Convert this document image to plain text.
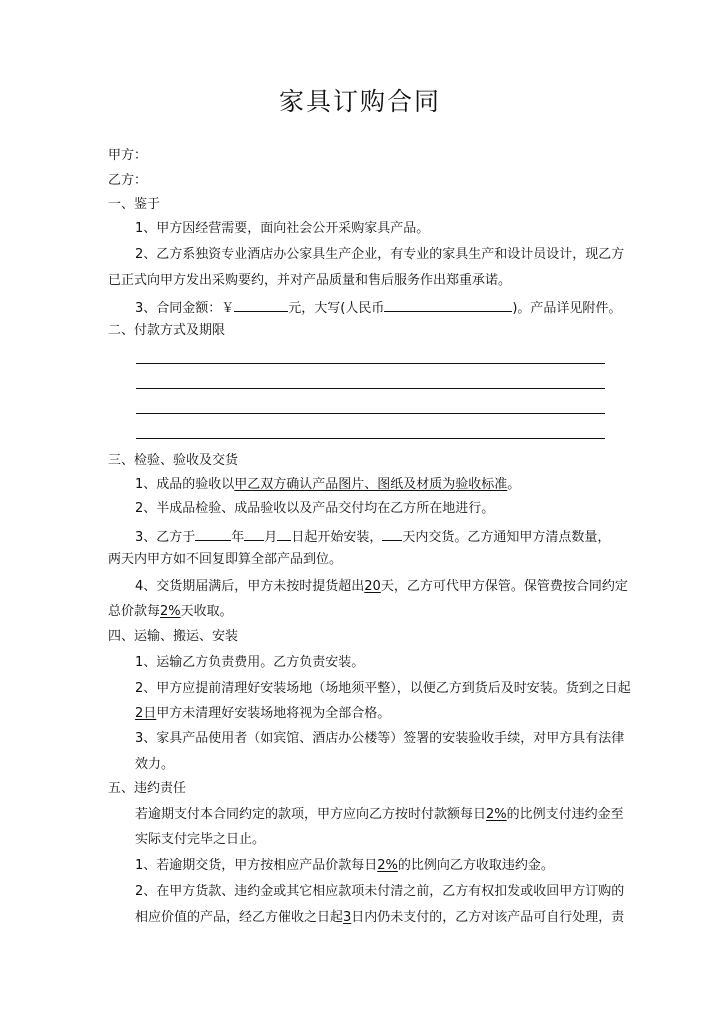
家具订购合同
甲方：
乙方：
一、鉴于
1、甲方因经营需要，面向社会公开采购家具产品。
2、乙方系独资专业酒店办公家具生产企业，有专业的家具生产和设计员设计，现乙方
已正式向甲方发出采购要约，并对产品质量和售后服务作出郑重承诺。
3、合同金额：￥	元，大写(人民币	)。产品详见附件。
二、付款方式及期限
三、检验、验收及交货
1、成品的验收以甲乙双方确认产品图片、图纸及材质为验收标准。
2、半成品检验、成品验收以及产品交付均在乙方所在地进行。
3、乙方于	年 月 日起开始安装， 天内交货。乙方通知甲方清点数量，
两天内甲方如不回复即算全部产品到位。
4、交货期届满后，甲方未按时提货超出20天，乙方可代甲方保管。保管费按合同约定
总价款每2%天收取。
四、运输、搬运、安装
1、运输乙方负责费用。乙方负责安装。
2、甲方应提前清理好安装场地（场地须平整），以便乙方到货后及时安装。货到之日起
2日甲方未清理好安装场地将视为全部合格。
3、家具产品使用者（如宾馆、酒店办公楼等）签署的安装验收手续，对甲方具有法律
效力。
五、违约责任
若逾期支付本合同约定的款项，甲方应向乙方按时付款额每日2%的比例支付违约金至
实际支付完毕之日止。
1、若逾期交货，甲方按相应产品价款每日2%的比例向乙方收取违约金。
2、在甲方货款、违约金或其它相应款项未付清之前，乙方有权扣发或收回甲方订购的
相应价值的产品，经乙方催收之日起3日内仍未支付的，乙方对该产品可自行处理，责
